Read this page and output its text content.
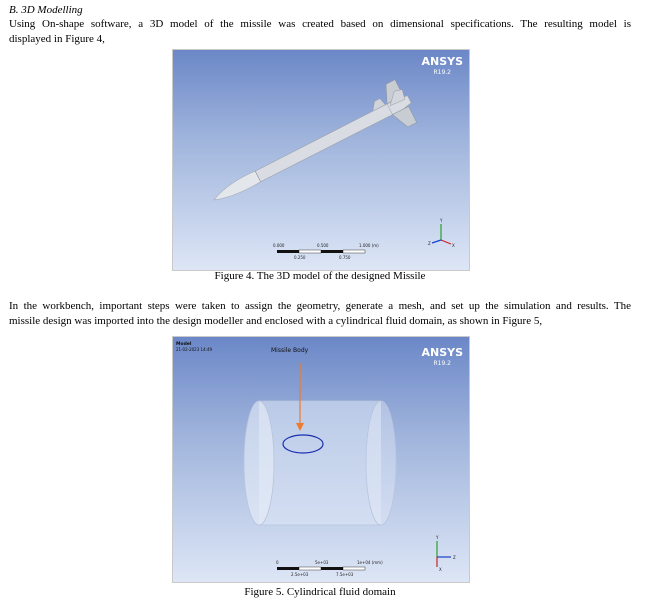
B. 3D Modelling
Using On-shape software, a 3D model of the missile was created based on dimensional specifications. The resulting model is
displayed in Figure 4,
ANSYS
R19.2
0.000	0.500	1.000 (m)
0.250	0.750
Y
X
Z
Figure 4. The 3D model of the designed Missile
In the workbench, important steps were taken to assign the geometry, generate a mesh, and set up the simulation and results. The
missile design was imported into the design modeller and enclosed with a cylindrical fluid domain, as shown in Figure 5,
Model
21-02-2023 14:49	ANSYS
R19.2
Missile Body
0	5e+03	1e+04 (mm)
2.5e+03	7.5e+03
Y
Z
X
Figure 5. Cylindrical fluid domain
